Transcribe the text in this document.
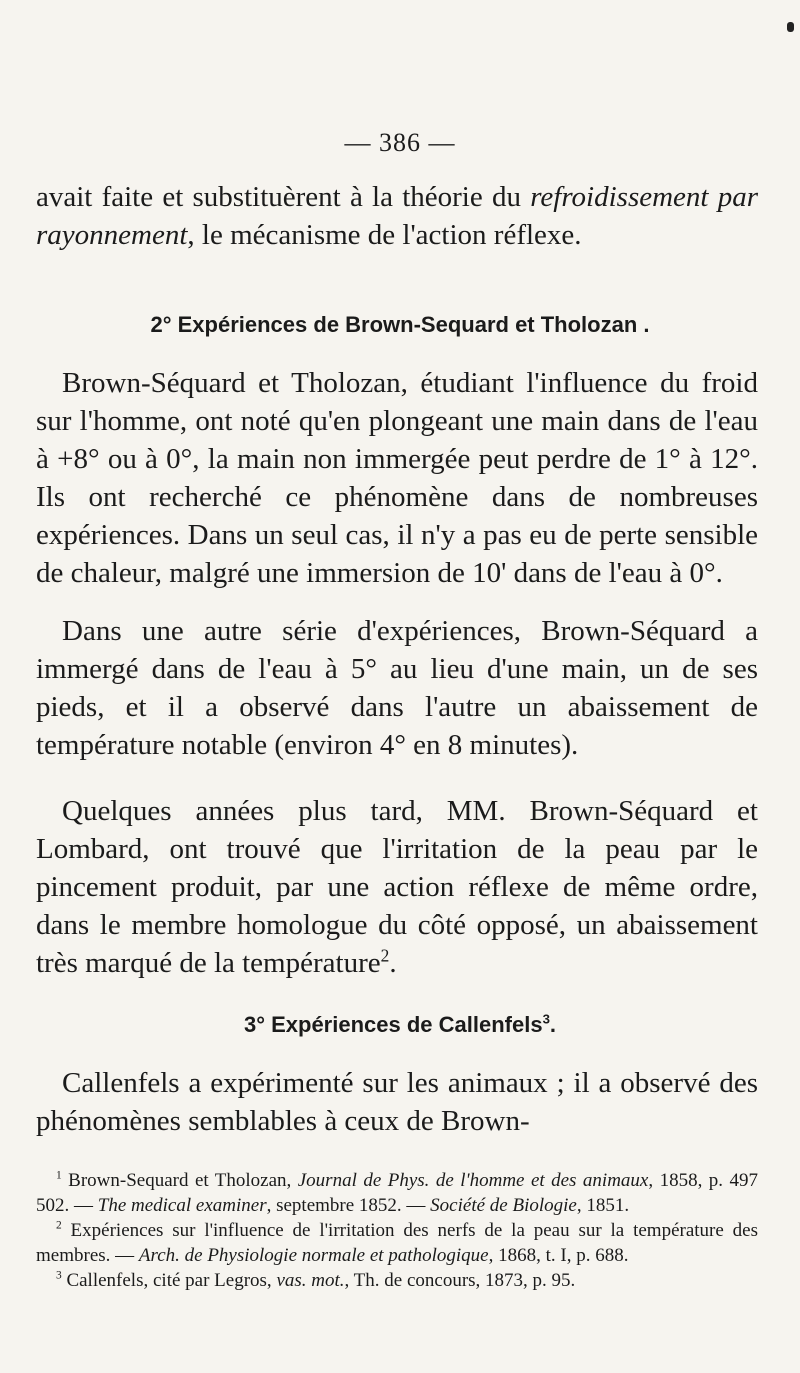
— 386 —
avait faite et substituèrent à la théorie du refroidissement par rayonnement, le mécanisme de l'action réflexe.
2° Expériences de Brown-Sequard et Tholozan .
Brown-Séquard et Tholozan, étudiant l'influence du froid sur l'homme, ont noté qu'en plongeant une main dans de l'eau à +8° ou à 0°, la main non immergée peut perdre de 1° à 12°. Ils ont recherché ce phénomène dans de nombreuses expériences. Dans un seul cas, il n'y a pas eu de perte sensible de chaleur, malgré une immersion de 10' dans de l'eau à 0°.
Dans une autre série d'expériences, Brown-Séquard a immergé dans de l'eau à 5° au lieu d'une main, un de ses pieds, et il a observé dans l'autre un abaissement de température notable (environ 4° en 8 minutes).
Quelques années plus tard, MM. Brown-Séquard et Lombard, ont trouvé que l'irritation de la peau par le pincement produit, par une action réflexe de même ordre, dans le membre homologue du côté opposé, un abaissement très marqué de la température$^2$.
3° Expériences de Callenfels$^3$.
Callenfels a expérimenté sur les animaux ; il a observé des phénomènes semblables à ceux de Brown-
$^1$ Brown-Sequard et Tholozan, Journal de Phys. de l'homme et des animaux, 1858, p. 497 502. — The medical examiner, septembre 1852. — Société de Biologie, 1851.
$^2$ Expériences sur l'influence de l'irritation des nerfs de la peau sur la température des membres. — Arch. de Physiologie normale et pathologique, 1868, t. I, p. 688.
$^3$ Callenfels, cité par Legros, vas. mot., Th. de concours, 1873, p. 95.
